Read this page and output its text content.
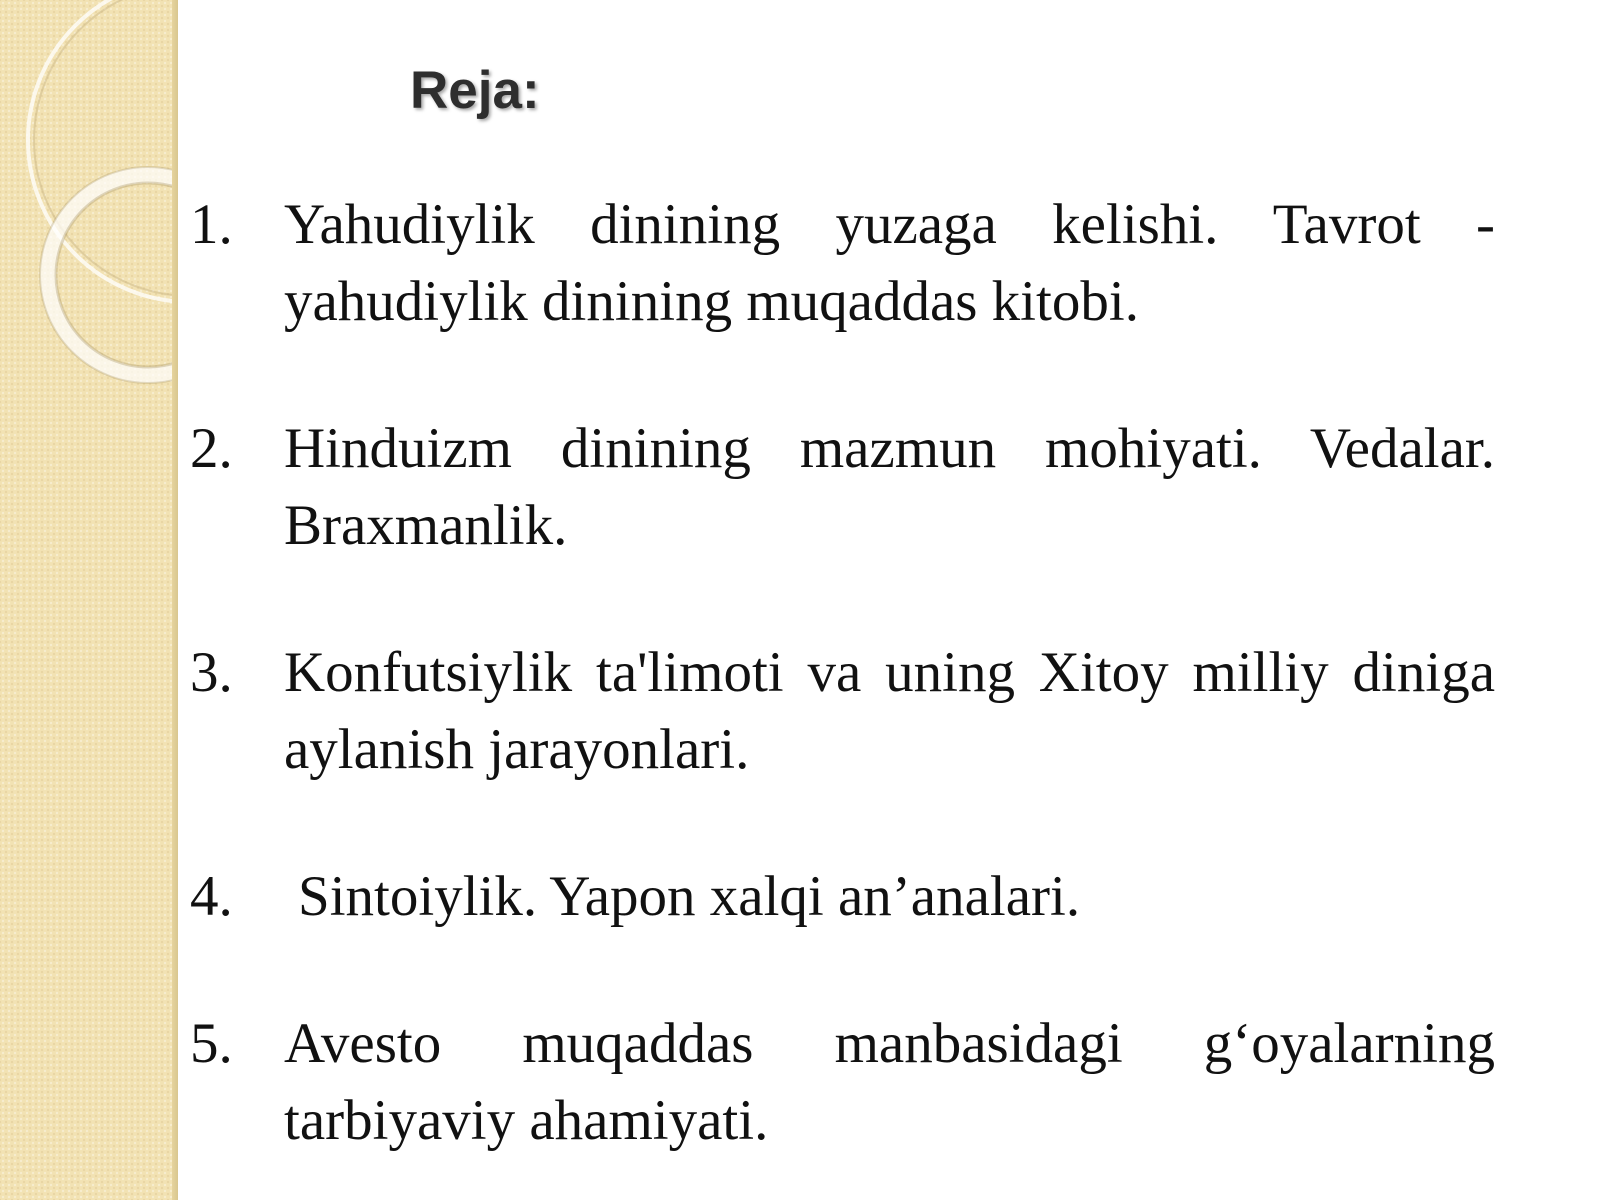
Reja:
1. Yahudiylik dinining yuzaga kelishi. Tavrot - yahudiylik dinining muqaddas kitobi.
2. Hinduizm dinining mazmun mohiyati. Vedalar. Braxmanlik.
3. Konfutsiylik ta'limoti va uning Xitoy milliy diniga aylanish jarayonlari.
4.	Sintoiylik. Yapon xalqi an’analari.
5. Avesto muqaddas manbasidagi g‘oyalarning tarbiyaviy ahamiyati.
